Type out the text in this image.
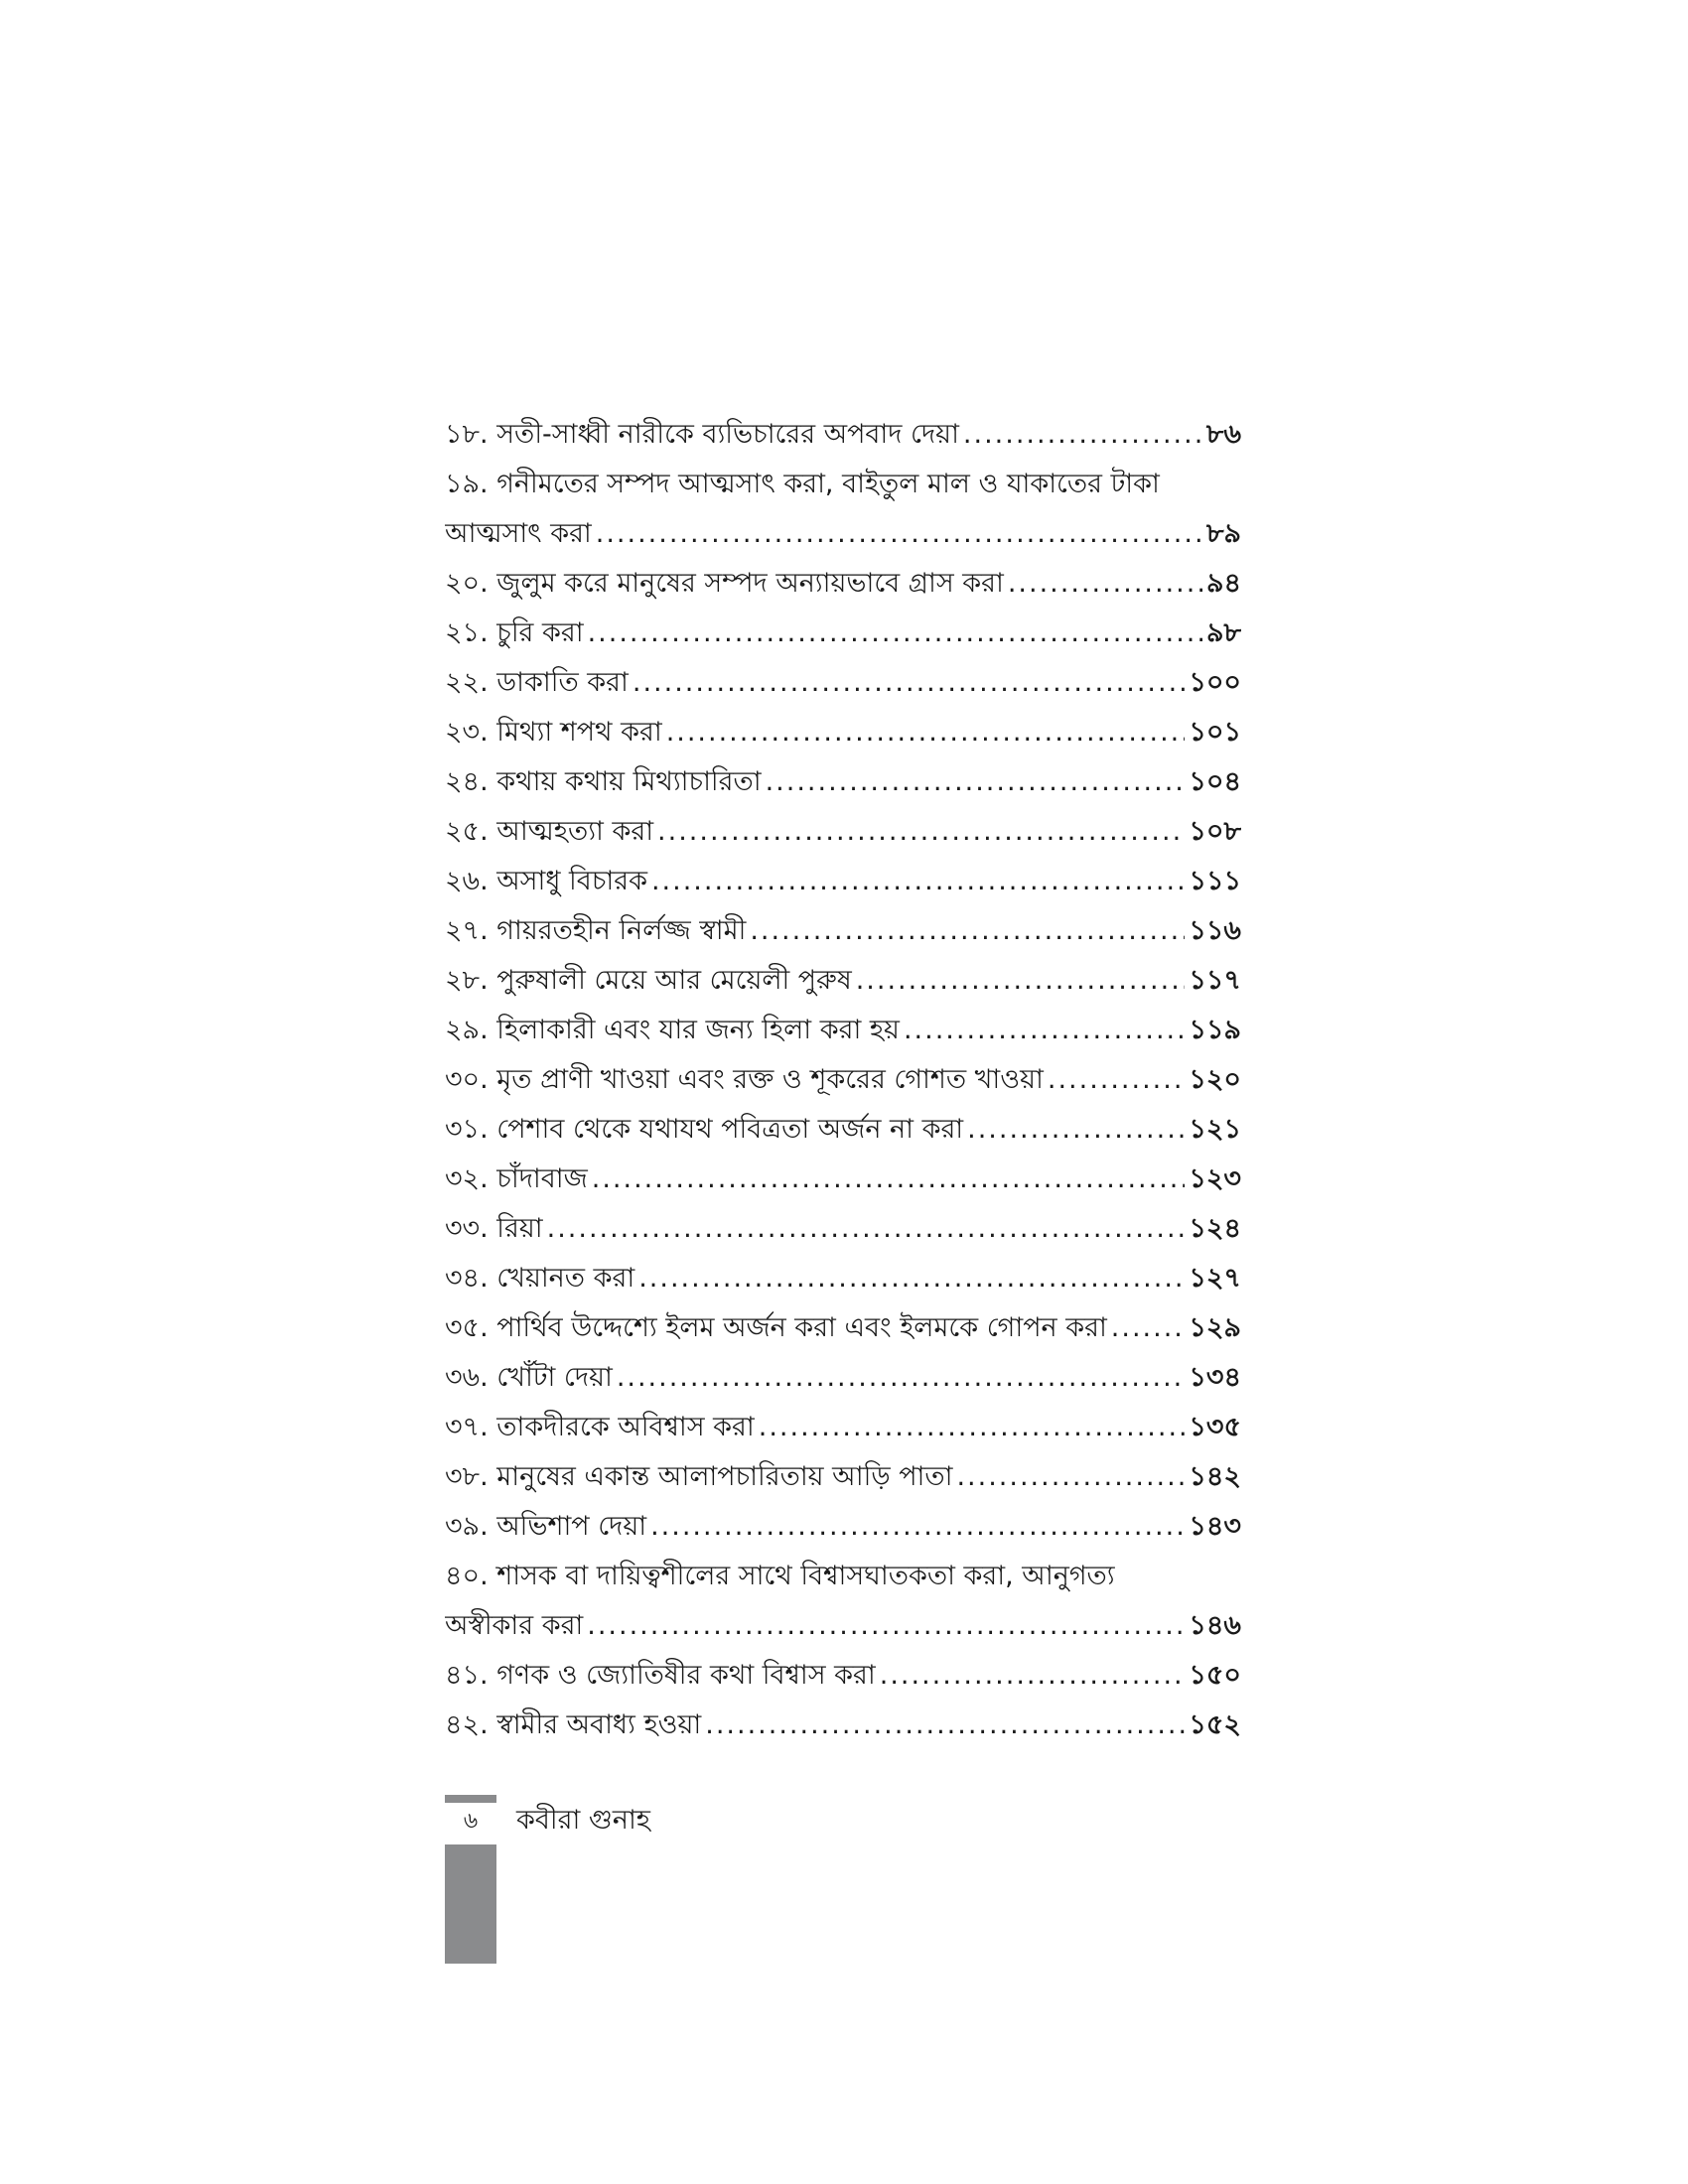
১৮. সতী-সাধ্বী নারীকে ব্যভিচারের অপবাদ দেয়া .....	৮৬
১৯. গনীমতের সম্পদ আত্মসাৎ করা, বাইতুল মাল ও যাকাতের টাকা
আত্মসাৎ করা .....	৮৯
২০. জুলুম করে মানুষের সম্পদ অন্যায়ভাবে গ্রাস করা .....	৯৪
২১. চুরি করা .....	৯৮
২২. ডাকাতি করা .....	১০০
২৩. মিথ্যা শপথ করা .....	১০১
২৪. কথায় কথায় মিথ্যাচারিতা .....	১০৪
২৫. আত্মহত্যা করা .....	১০৮
২৬. অসাধু বিচারক .....	১১১
২৭. গায়রতহীন নির্লজ্জ স্বামী .....	১১৬
২৮. পুরুষালী মেয়ে আর মেয়েলী পুরুষ .....	১১৭
২৯. হিলাকারী এবং যার জন্য হিলা করা হয় .....	১১৯
৩০. মৃত প্রাণী খাওয়া এবং রক্ত ও শূকরের গোশত খাওয়া .....	১২০
৩১. পেশাব থেকে যথাযথ পবিত্রতা অর্জন না করা .....	১২১
৩২. চাঁদাবাজ .....	১২৩
৩৩. রিয়া .....	১২৪
৩৪. খেয়ানত করা .....	১২৭
৩৫. পার্থিব উদ্দেশ্যে ইলম অর্জন করা এবং ইলমকে গোপন করা .....	১২৯
৩৬. খোঁটা দেয়া .....	১৩৪
৩৭. তাকদীরকে অবিশ্বাস করা .....	১৩৫
৩৮. মানুষের একান্ত আলাপচারিতায় আড়ি পাতা .....	১৪২
৩৯. অভিশাপ দেয়া .....	১৪৩
৪০. শাসক বা দায়িত্বশীলের সাথে বিশ্বাসঘাতকতা করা, আনুগত্য
অস্বীকার করা .....	১৪৬
৪১. গণক ও জ্যোতিষীর কথা বিশ্বাস করা .....	১৫০
৪২. স্বামীর অবাধ্য হওয়া .....	১৫২
৬	কবীরা গুনাহ
